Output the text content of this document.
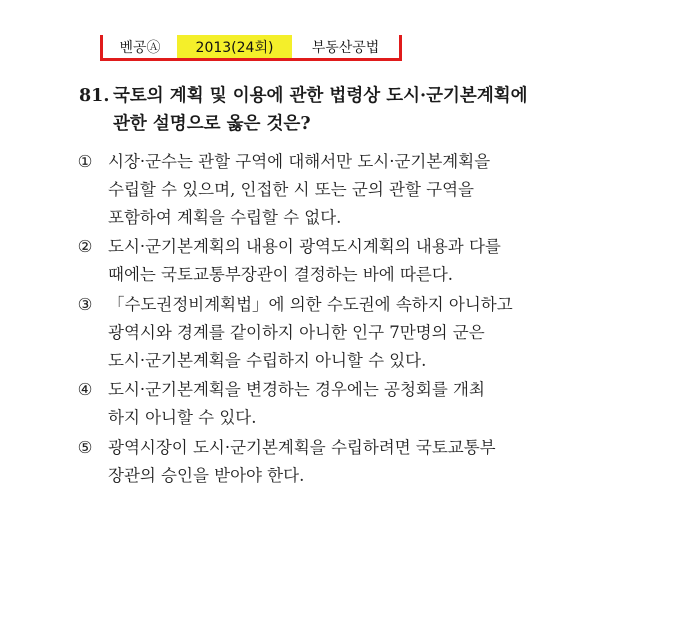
벤공Ⓐ	2013(24회)	부동산공법
81. 국토의 계획 및 이용에 관한 법령상 도시·군기본계획에
관한 설명으로 옳은 것은?
① 시장·군수는 관할 구역에 대해서만 도시·군기본계획을
수립할 수 있으며, 인접한 시 또는 군의 관할 구역을
포함하여 계획을 수립할 수 없다.
② 도시·군기본계획의 내용이 광역도시계획의 내용과 다를
때에는 국토교통부장관이 결정하는 바에 따른다.
③ 「수도권정비계획법」에 의한 수도권에 속하지 아니하고
광역시와 경계를 같이하지 아니한 인구 7만명의 군은
도시·군기본계획을 수립하지 아니할 수 있다.
④ 도시·군기본계획을 변경하는 경우에는 공청회를 개최
하지 아니할 수 있다.
⑤ 광역시장이 도시·군기본계획을 수립하려면 국토교통부
장관의 승인을 받아야 한다.
